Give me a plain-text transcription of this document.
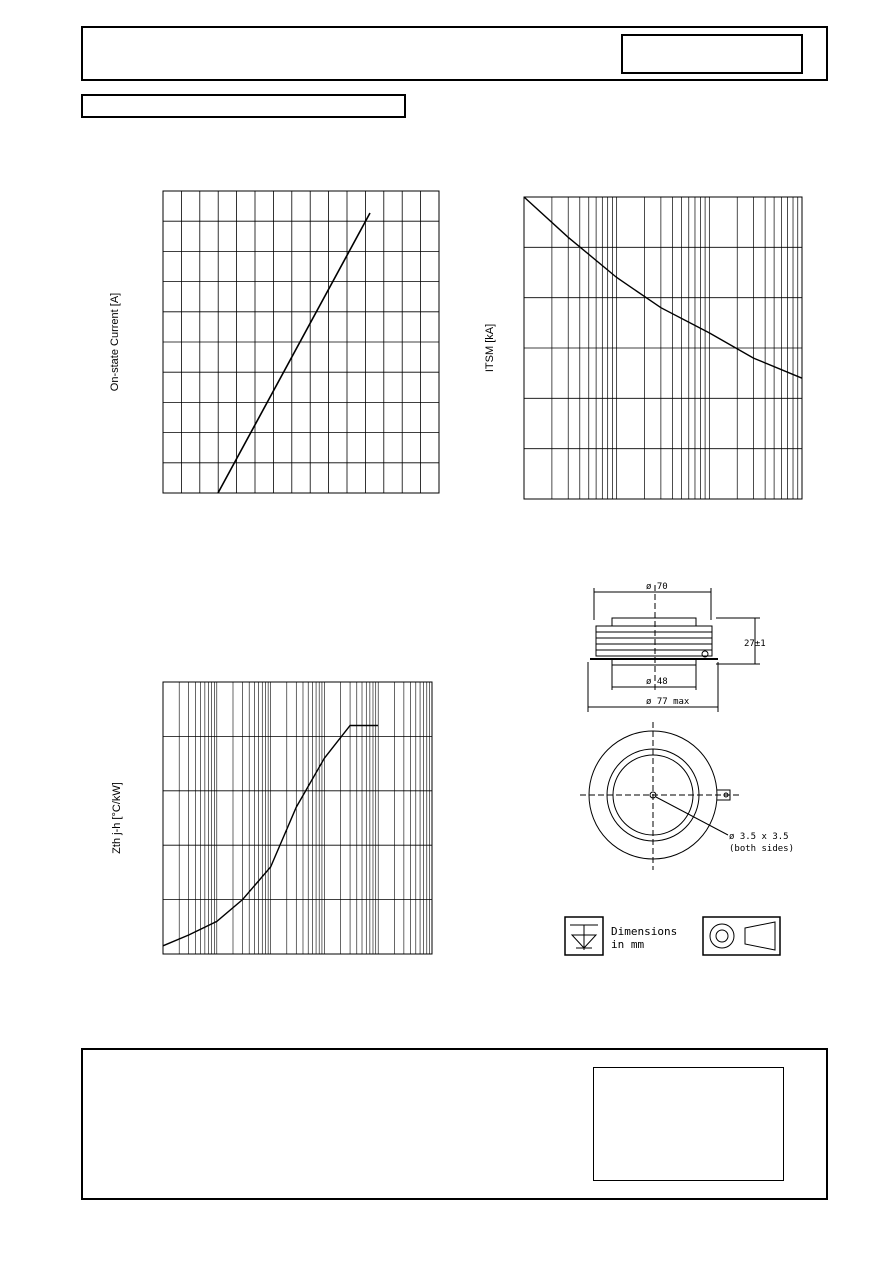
On-state Current [A]	ITSM [kA]
Zth j-h [°C/kW]
ø 70
27±1
ø 48
ø 77 max
ø 3.5 x 3.5
(both sides)
Dimensions
in mm
